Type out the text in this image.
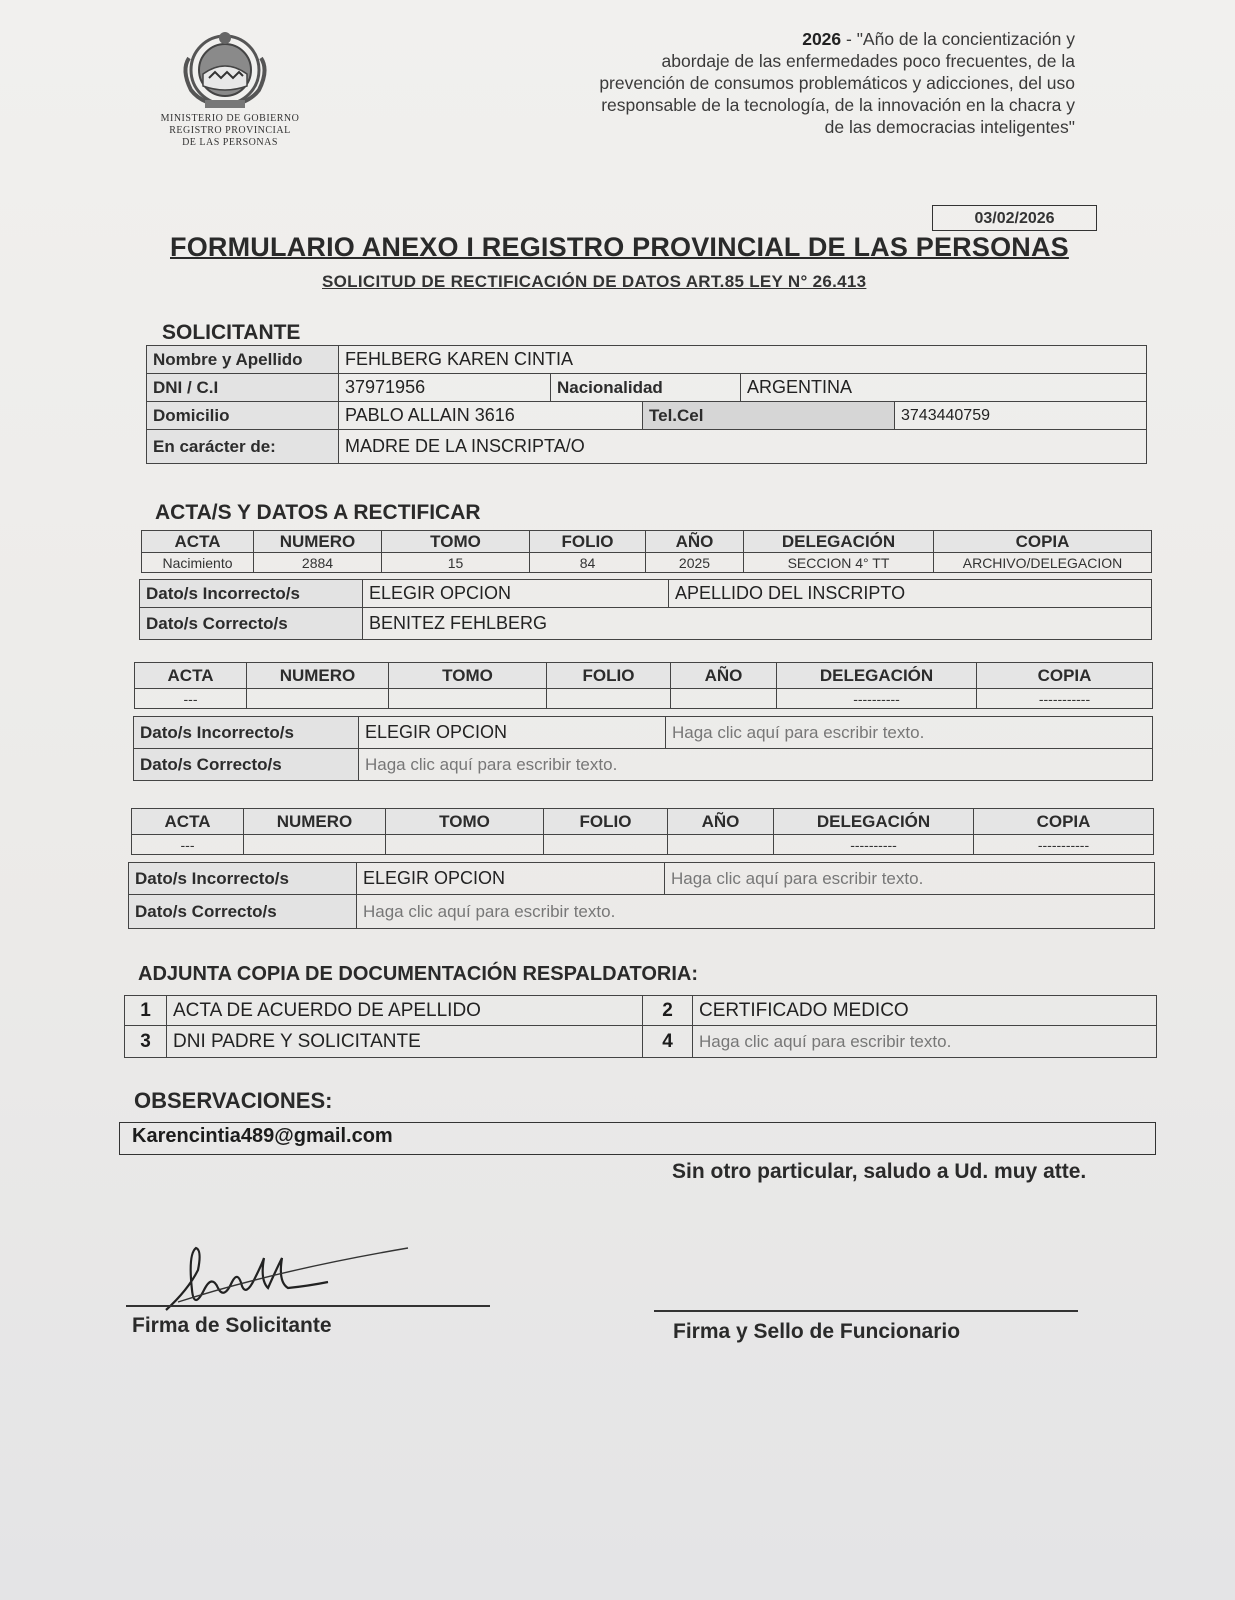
MINISTERIO DE GOBIERNO
REGISTRO PROVINCIAL
DE LAS PERSONAS
2026 - "Año de la concientización y
abordaje de las enfermedades poco frecuentes, de la
prevención de consumos problemáticos y adicciones, del uso
responsable de la tecnología, de la innovación en la chacra y
de las democracias inteligentes"
03/02/2026
FORMULARIO ANEXO I REGISTRO PROVINCIAL DE LAS PERSONAS
SOLICITUD DE RECTIFICACIÓN DE DATOS ART.85 LEY N° 26.413
SOLICITANTE
Nombre y Apellido	FEHLBERG KAREN CINTIA				
DNI / C.I	37971956	Nacionalidad		ARGENTINA	
Domicilio	PABLO ALLAIN 3616		Tel.Cel		3743440759
En carácter de:	MADRE DE LA INSCRIPTA/O				
ACTA/S Y DATOS A RECTIFICAR
ACTA	NUMERO	TOMO	FOLIO	AÑO	DELEGACIÓN	COPIA
Nacimiento	2884	15	84	2025	SECCION 4° TT	ARCHIVO/DELEGACION
Dato/s Incorrecto/s	ELEGIR OPCION	APELLIDO DEL INSCRIPTO
Dato/s Correcto/s	BENITEZ FEHLBERG	
ACTA	NUMERO	TOMO	FOLIO	AÑO	DELEGACIÓN	COPIA
---					----------	-----------
Dato/s Incorrecto/s	ELEGIR OPCION	Haga clic aquí para escribir texto.
Dato/s Correcto/s	Haga clic aquí para escribir texto.	
ACTA	NUMERO	TOMO	FOLIO	AÑO	DELEGACIÓN	COPIA
---					----------	-----------
Dato/s Incorrecto/s	ELEGIR OPCION	Haga clic aquí para escribir texto.
Dato/s Correcto/s	Haga clic aquí para escribir texto.	
ADJUNTA COPIA DE DOCUMENTACIÓN RESPALDATORIA:
1	ACTA DE ACUERDO DE APELLIDO	2	CERTIFICADO MEDICO
3	DNI PADRE Y SOLICITANTE	4	Haga clic aquí para escribir texto.
OBSERVACIONES:
Karencintia489@gmail.com
Sin otro particular, saludo a Ud. muy atte.
Firma de Solicitante	Firma y Sello de Funcionario
